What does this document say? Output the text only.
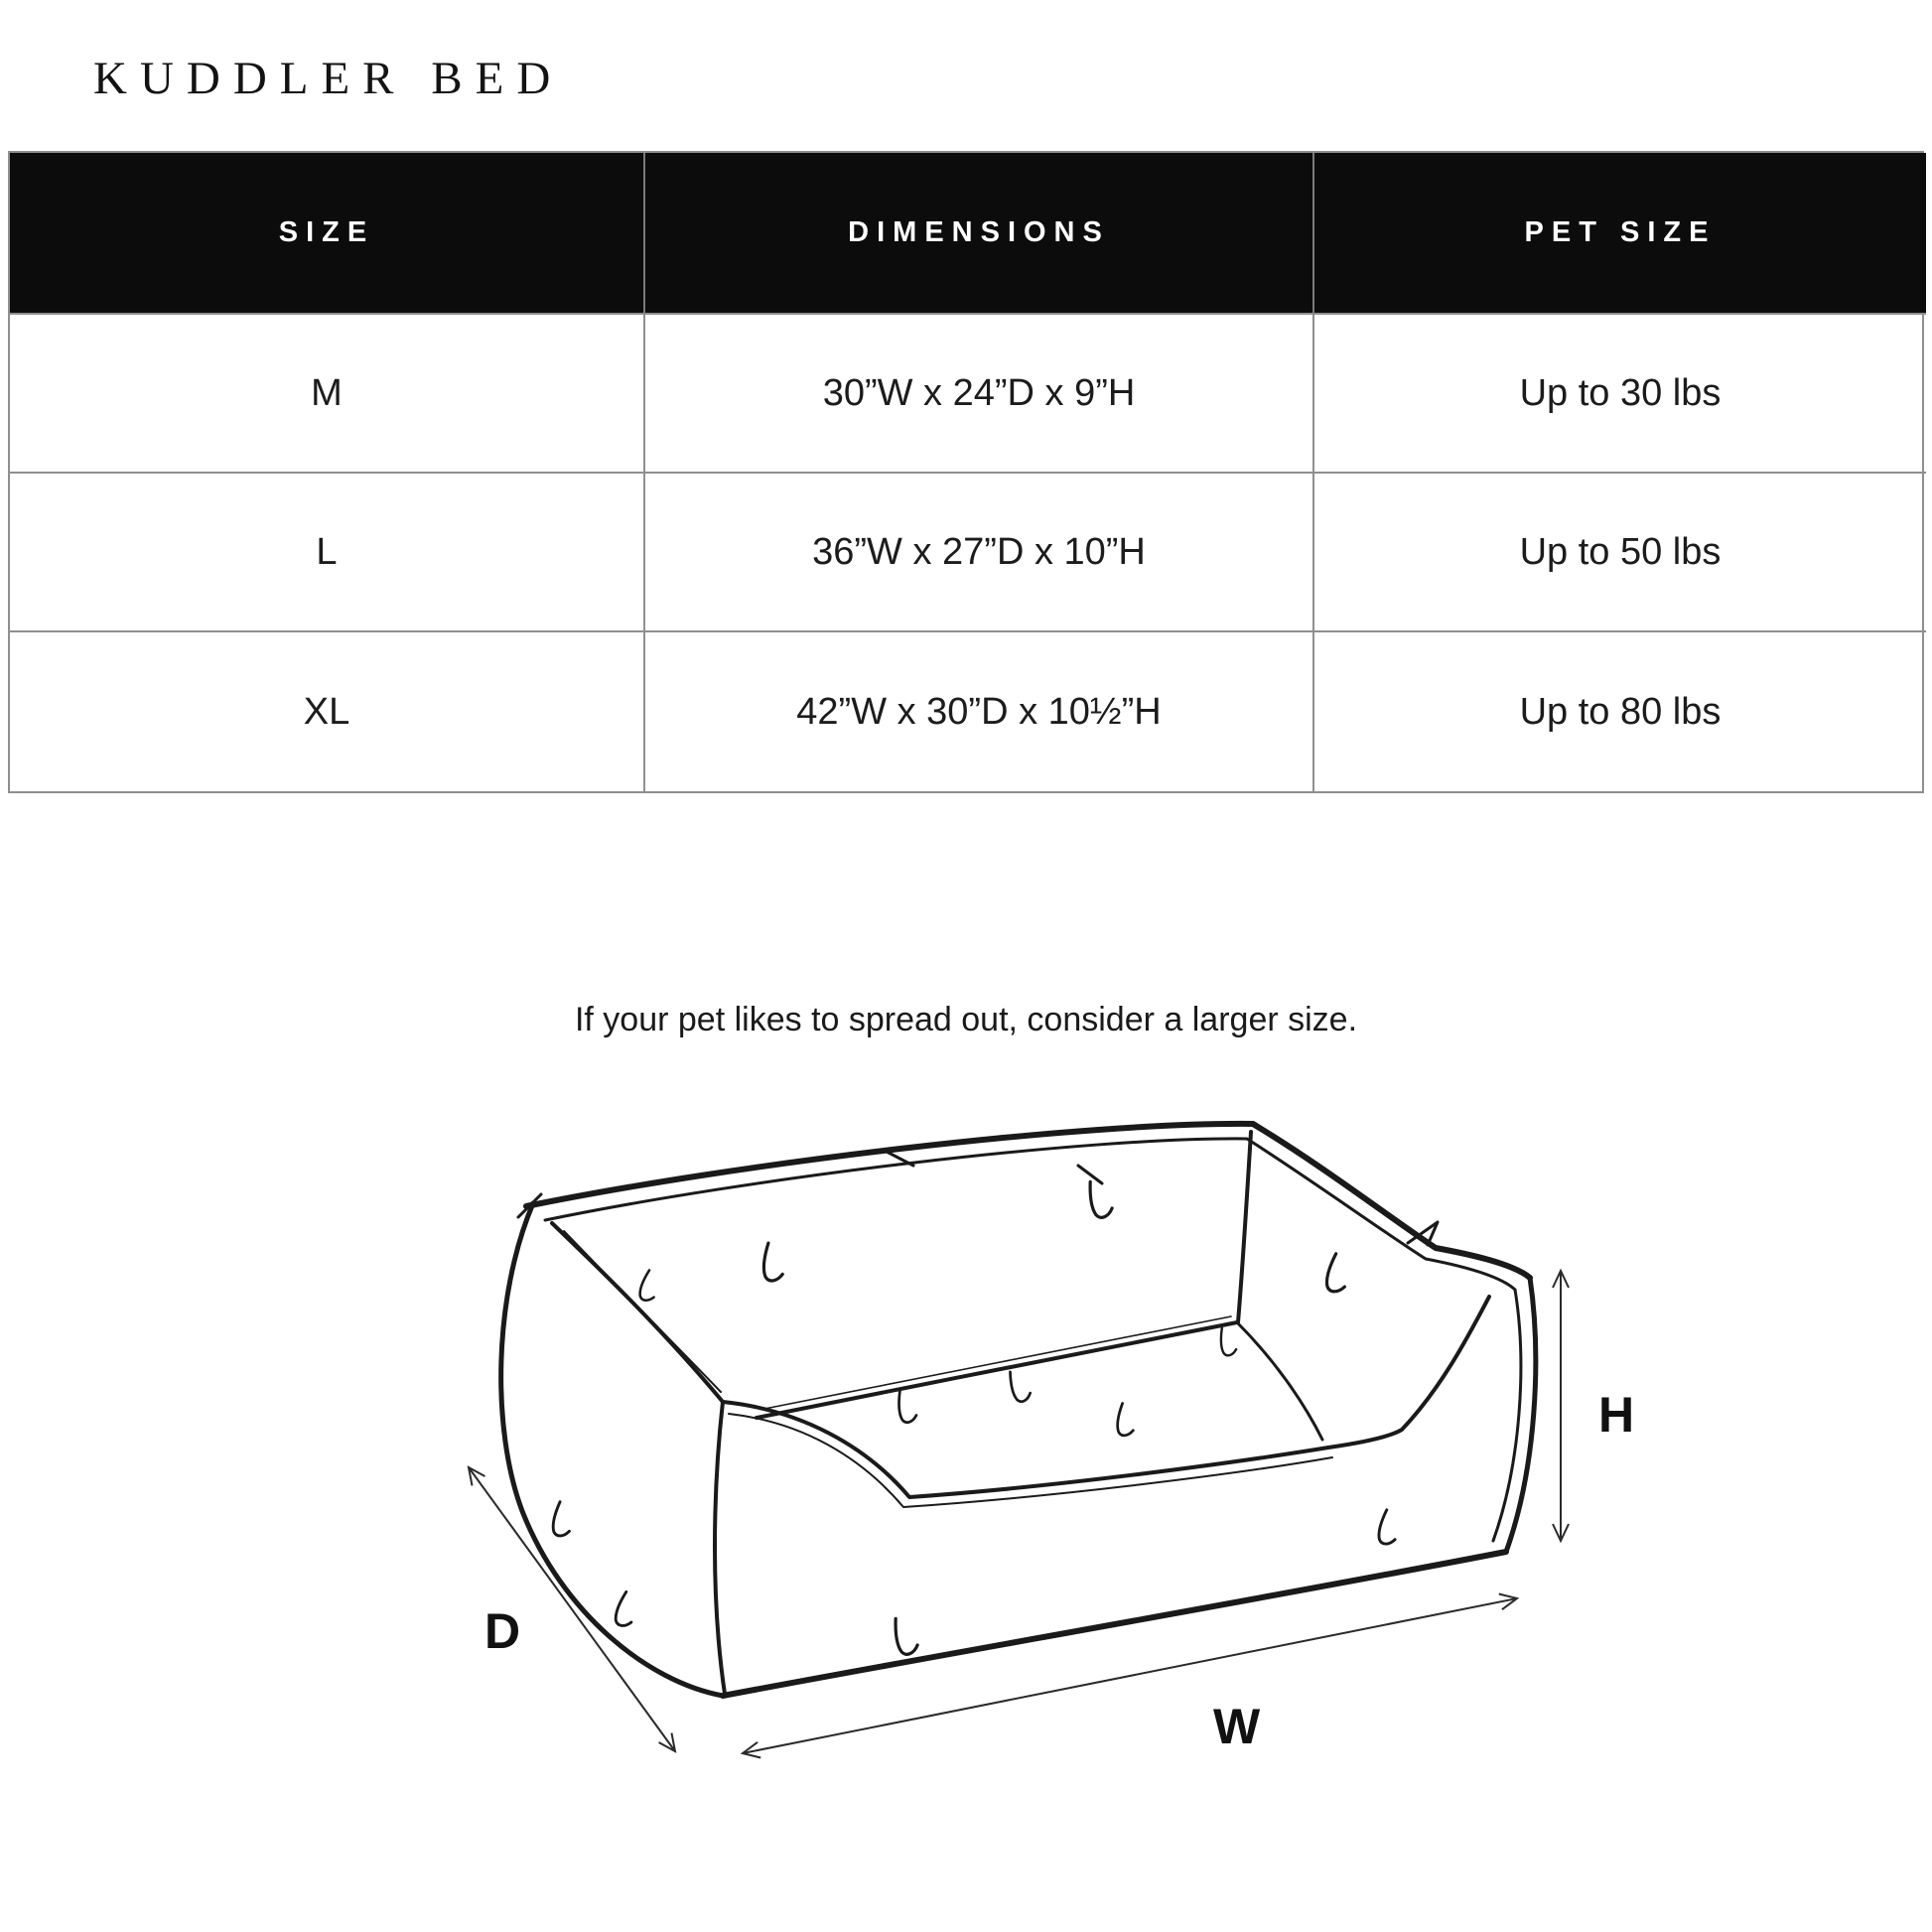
KUDDLER BED
SIZE	DIMENSIONS	PET SIZE
M	30”W x 24”D x 9”H	Up to 30 lbs
L	36”W x 27”D x 10”H	Up to 50 lbs
XL	42”W x 30”D x 10½”H	Up to 80 lbs

If your pet likes to spread out, consider a larger size.

D
W
H
